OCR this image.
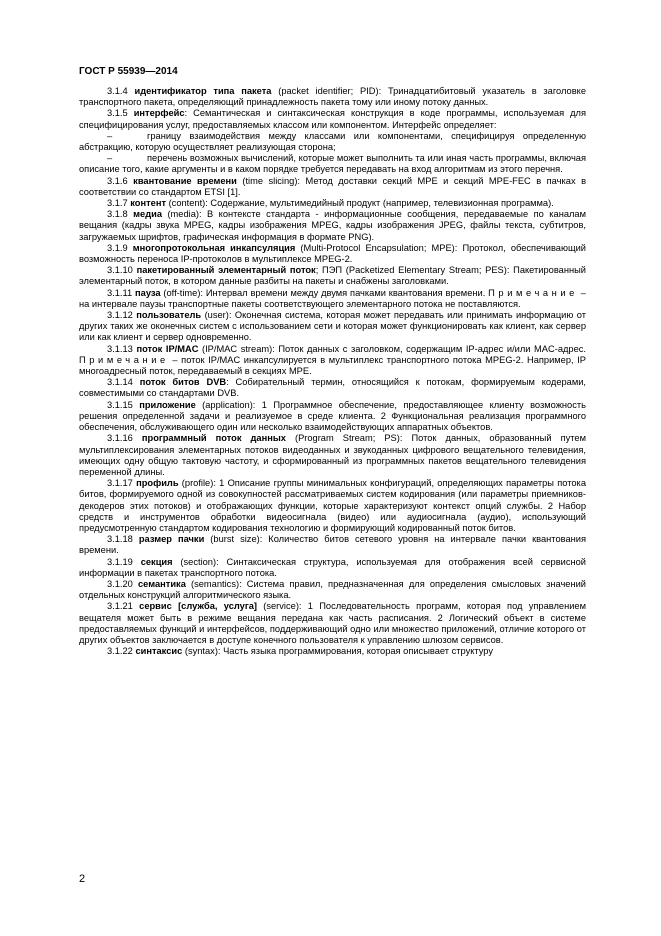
ГОСТ Р 55939—2014

3.1.4 идентификатор типа пакета (packet identifier; PID): Тринадцатибитовый указатель в заголовке транспортного пакета, определяющий принадлежность пакета тому или иному потоку данных.

3.1.5 интерфейс: Семантическая и синтаксическая конструкция в коде программы, используемая для специфицирования услуг, предоставляемых классом или компонентом. Интерфейс определяет:

–	границу взаимодействия между классами или компонентами, специфицируя определенную абстракцию, которую осуществляет реализующая сторона;

–	перечень возможных вычислений, которые может выполнить та или иная часть программы, включая описание того, какие аргументы и в каком порядке требуется передавать на вход алгоритмам из этого перечня.

3.1.6 квантование времени (time slicing): Метод доставки секций MPE и секций MPE-FEC в пачках в соответствии со стандартом ETSI [1].

3.1.7 контент (content): Содержание, мультимедийный продукт (например, телевизионная программа).

3.1.8 медиа (media): В контексте стандарта - информационные сообщения, передаваемые по каналам вещания (кадры звука MPEG, кадры изображения MPEG, кадры изображения JPEG, файлы текста, субтитров, загружаемых шрифтов, графическая информация в формате PNG).

3.1.9 многопротокольная инкапсуляция (Multi-Protocol Encapsulation; MPE): Протокол, обеспечивающий возможность переноса IP-протоколов в мультиплексе MPEG-2.

3.1.10 пакетированный элементарный поток; ПЭП (Packetized Elementary Stream; PES): Пакетированный элементарный поток, в котором данные разбиты на пакеты и снабжены заголовками.

3.1.11 пауза (off-time): Интервал времени между двумя пачками квантования времени. Примечание – на интервале паузы транспортные пакеты соответствующего элементарного потока не поставляются.

3.1.12 пользователь (user): Оконечная система, которая может передавать или принимать информацию от других таких же оконечных систем с использованием сети и которая может функционировать как клиент, как сервер или как клиент и сервер одновременно.

3.1.13 поток IP/MAC (IP/MAC stream): Поток данных с заголовком, содержащим IP-адрес и/или MAC-адрес. Примечание – поток IP/MAC инкапсулируется в мультиплекс транспортного потока MPEG-2. Например, IP многоадресный поток, передаваемый в секциях MPE.

3.1.14 поток битов DVB: Собирательный термин, относящийся к потокам, формируемым кодерами, совместимыми со стандартами DVB.

3.1.15 приложение (application): 1 Программное обеспечение, предоставляющее клиенту возможность решения определенной задачи и реализуемое в среде клиента. 2 Функциональная реализация программного обеспечения, обслуживающего один или несколько взаимодействующих аппаратных объектов.

3.1.16 программный поток данных (Program Stream; PS): Поток данных, образованный путем мультиплексирования элементарных потоков видеоданных и звукоданных цифрового вещательного телевидения, имеющих одну общую тактовую частоту, и сформированный из программных пакетов вещательного телевидения переменной длины.

3.1.17 профиль (profile): 1 Описание группы минимальных конфигураций, определяющих параметры потока битов, формируемого одной из совокупностей рассматриваемых систем кодирования (или параметры приемников-декодеров этих потоков) и отображающих функции, которые характеризуют контекст опций службы. 2 Набор средств и инструментов обработки видеосигнала (видео) или аудиосигнала (аудио), использующий предусмотренную стандартом кодирования технологию и формирующий кодированный поток битов.

3.1.18 размер пачки (burst size): Количество битов сетевого уровня на интервале пачки квантования времени.

3.1.19 секция (section): Синтаксическая структура, используемая для отображения всей сервисной информации в пакетах транспортного потока.

3.1.20 семантика (semantics): Система правил, предназначенная для определения смысловых значений отдельных конструкций алгоритмического языка.

3.1.21 сервис [служба, услуга] (service): 1 Последовательность программ, которая под управлением вещателя может быть в режиме вещания передана как часть расписания. 2 Логический объект в системе предоставляемых функций и интерфейсов, поддерживающий одно или множество приложений, отличие которого от других объектов заключается в доступе конечного пользователя к управлению шлюзом сервисов.

3.1.22 синтаксис (syntax): Часть языка программирования, которая описывает структуру

2
